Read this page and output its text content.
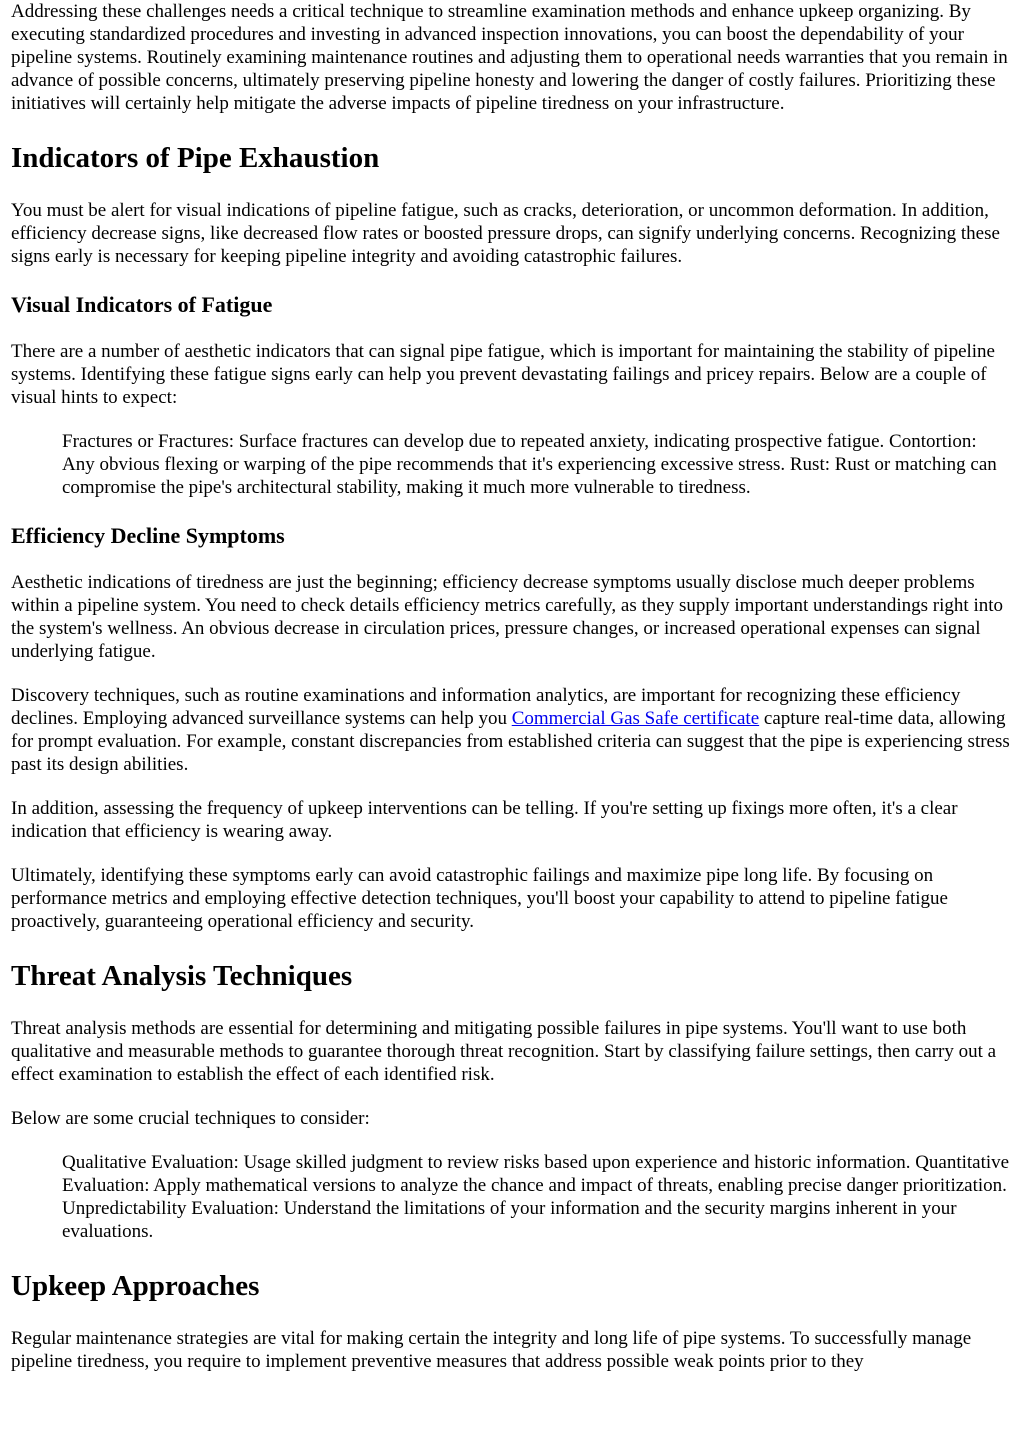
Addressing these challenges needs a critical technique to streamline examination methods and enhance upkeep organizing. By executing standardized procedures and investing in advanced inspection innovations, you can boost the dependability of your pipeline systems. Routinely examining maintenance routines and adjusting them to operational needs warranties that you remain in advance of possible concerns, ultimately preserving pipeline honesty and lowering the danger of costly failures. Prioritizing these initiatives will certainly help mitigate the adverse impacts of pipeline tiredness on your infrastructure.

Indicators of Pipe Exhaustion

You must be alert for visual indications of pipeline fatigue, such as cracks, deterioration, or uncommon deformation. In addition, efficiency decrease signs, like decreased flow rates or boosted pressure drops, can signify underlying concerns. Recognizing these signs early is necessary for keeping pipeline integrity and avoiding catastrophic failures.

Visual Indicators of Fatigue

There are a number of aesthetic indicators that can signal pipe fatigue, which is important for maintaining the stability of pipeline systems. Identifying these fatigue signs early can help you prevent devastating failings and pricey repairs. Below are a couple of visual hints to expect:

Fractures or Fractures: Surface fractures can develop due to repeated anxiety, indicating prospective fatigue. Contortion: Any obvious flexing or warping of the pipe recommends that it's experiencing excessive stress. Rust: Rust or matching can compromise the pipe's architectural stability, making it much more vulnerable to tiredness.
Efficiency Decline Symptoms

Aesthetic indications of tiredness are just the beginning; efficiency decrease symptoms usually disclose much deeper problems within a pipeline system. You need to check details efficiency metrics carefully, as they supply important understandings right into the system's wellness. An obvious decrease in circulation prices, pressure changes, or increased operational expenses can signal underlying fatigue.

Discovery techniques, such as routine examinations and information analytics, are important for recognizing these efficiency declines. Employing advanced surveillance systems can help you Commercial Gas Safe certificate capture real-time data, allowing for prompt evaluation. For example, constant discrepancies from established criteria can suggest that the pipe is experiencing stress past its design abilities.

In addition, assessing the frequency of upkeep interventions can be telling. If you're setting up fixings more often, it's a clear indication that efficiency is wearing away.

Ultimately, identifying these symptoms early can avoid catastrophic failings and maximize pipe long life. By focusing on performance metrics and employing effective detection techniques, you'll boost your capability to attend to pipeline fatigue proactively, guaranteeing operational efficiency and security.

Threat Analysis Techniques

Threat analysis methods are essential for determining and mitigating possible failures in pipe systems. You'll want to use both qualitative and measurable methods to guarantee thorough threat recognition. Start by classifying failure settings, then carry out a effect examination to establish the effect of each identified risk.

Below are some crucial techniques to consider:

Qualitative Evaluation: Usage skilled judgment to review risks based upon experience and historic information. Quantitative Evaluation: Apply mathematical versions to analyze the chance and impact of threats, enabling precise danger prioritization. Unpredictability Evaluation: Understand the limitations of your information and the security margins inherent in your evaluations.
Upkeep Approaches

Regular maintenance strategies are vital for making certain the integrity and long life of pipe systems. To successfully manage pipeline tiredness, you require to implement preventive measures that address possible weak points prior to they
